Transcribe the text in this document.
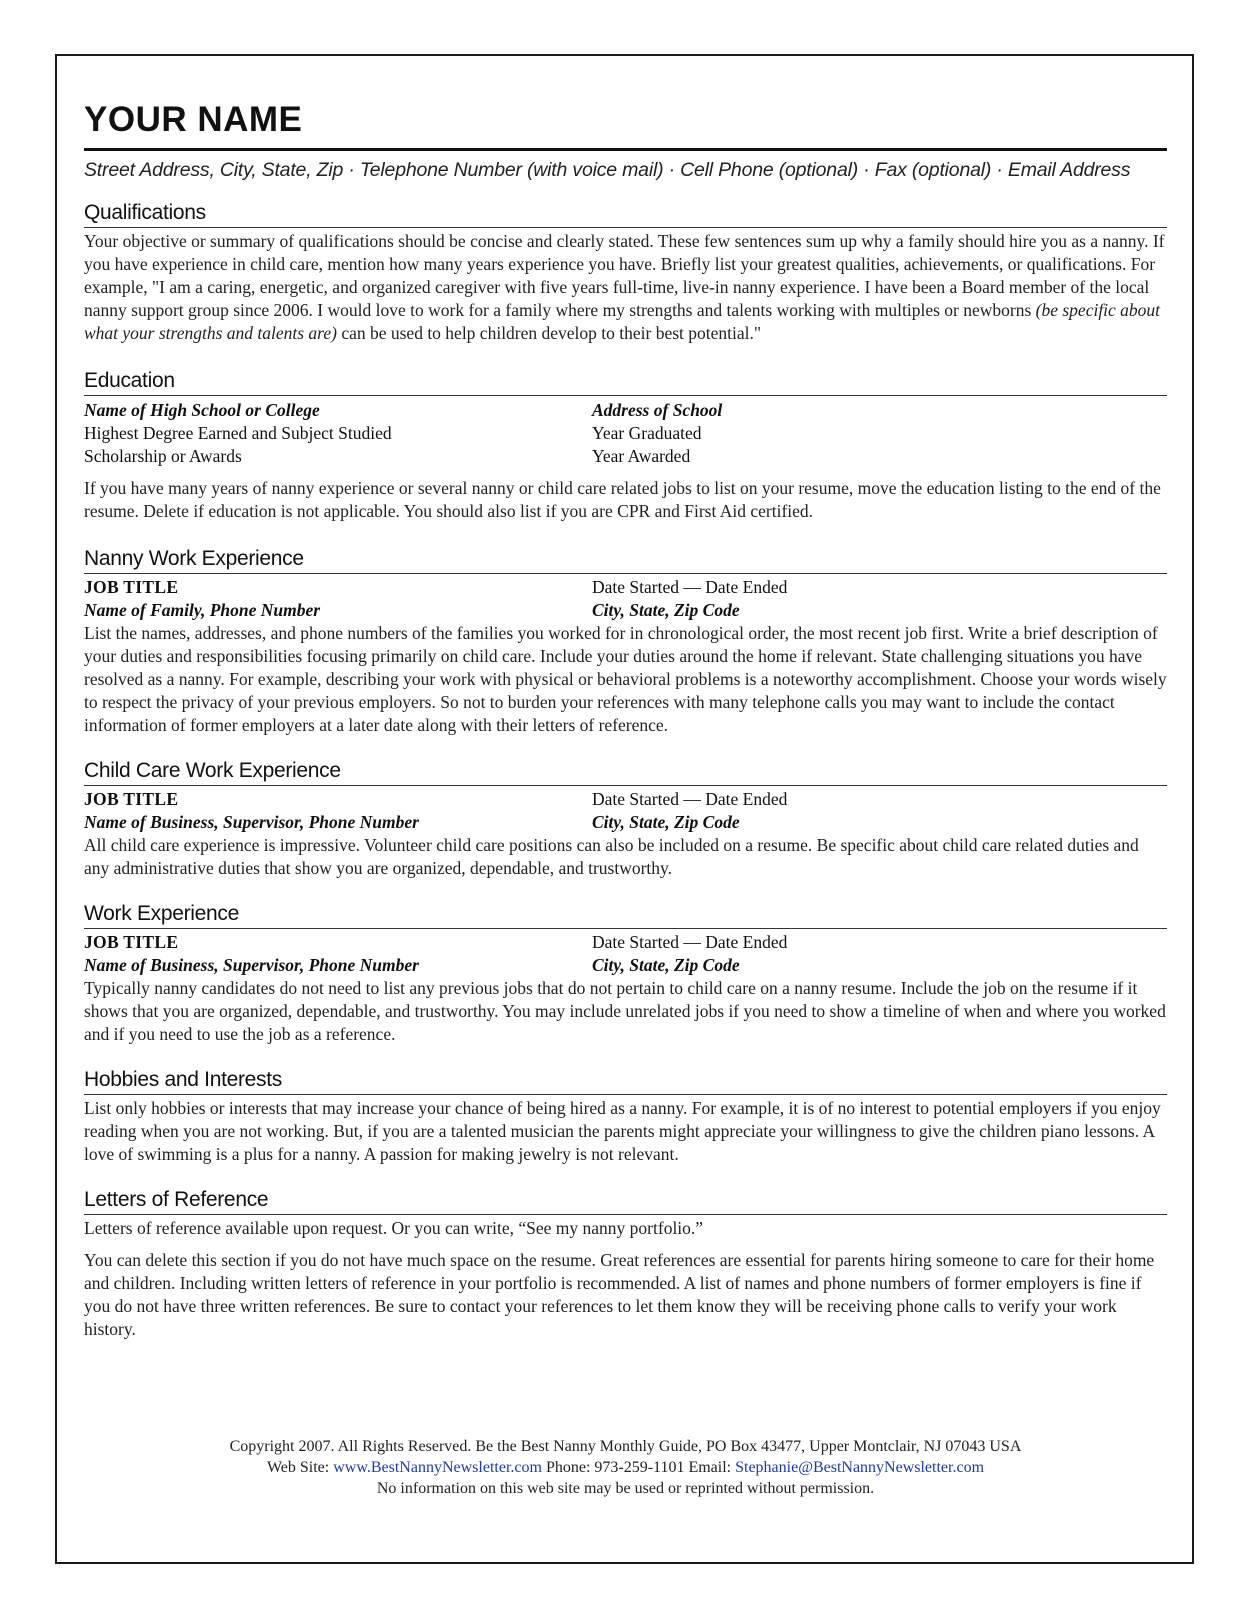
YOUR NAME
Street Address, City, State, Zip · Telephone Number (with voice mail) · Cell Phone (optional) · Fax (optional) · Email Address
Qualifications

Your objective or summary of qualifications should be concise and clearly stated. These few sentences sum up why a family should hire you as a nanny. If you have experience in child care, mention how many years experience you have. Briefly list your greatest qualities, achievements, or qualifications. For example, "I am a caring, energetic, and organized caregiver with five years full-time, live-in nanny experience. I have been a Board member of the local nanny support group since 2006. I would love to work for a family where my strengths and talents working with multiples or newborns (be specific about what your strengths and talents are) can be used to help children develop to their best potential."

Education
Name of High School or College	Address of School
Highest Degree Earned and Subject Studied	Year Graduated
Scholarship or Awards	Year Awarded

If you have many years of nanny experience or several nanny or child care related jobs to list on your resume, move the education listing to the end of the resume. Delete if education is not applicable. You should also list if you are CPR and First Aid certified.

Nanny Work Experience
JOB TITLE	Date Started — Date Ended
Name of Family, Phone Number	City, State, Zip Code

List the names, addresses, and phone numbers of the families you worked for in chronological order, the most recent job first. Write a brief description of your duties and responsibilities focusing primarily on child care. Include your duties around the home if relevant. State challenging situations you have resolved as a nanny. For example, describing your work with physical or behavioral problems is a noteworthy accomplishment. Choose your words wisely to respect the privacy of your previous employers. So not to burden your references with many telephone calls you may want to include the contact information of former employers at a later date along with their letters of reference.

Child Care Work Experience
JOB TITLE	Date Started — Date Ended
Name of Business, Supervisor, Phone Number	City, State, Zip Code

All child care experience is impressive. Volunteer child care positions can also be included on a resume. Be specific about child care related duties and any administrative duties that show you are organized, dependable, and trustworthy.

Work Experience
JOB TITLE	Date Started — Date Ended
Name of Business, Supervisor, Phone Number	City, State, Zip Code

Typically nanny candidates do not need to list any previous jobs that do not pertain to child care on a nanny resume. Include the job on the resume if it shows that you are organized, dependable, and trustworthy. You may include unrelated jobs if you need to show a timeline of when and where you worked and if you need to use the job as a reference.

Hobbies and Interests

List only hobbies or interests that may increase your chance of being hired as a nanny. For example, it is of no interest to potential employers if you enjoy reading when you are not working. But, if you are a talented musician the parents might appreciate your willingness to give the children piano lessons. A love of swimming is a plus for a nanny. A passion for making jewelry is not relevant.

Letters of Reference

Letters of reference available upon request. Or you can write, “See my nanny portfolio.”

You can delete this section if you do not have much space on the resume. Great references are essential for parents hiring someone to care for their home and children. Including written letters of reference in your portfolio is recommended. A list of names and phone numbers of former employers is fine if you do not have three written references. Be sure to contact your references to let them know they will be receiving phone calls to verify your work history.

Copyright 2007. All Rights Reserved. Be the Best Nanny Monthly Guide, PO Box 43477, Upper Montclair, NJ 07043 USA
Web Site: www.BestNannyNewsletter.com Phone: 973-259-1101 Email: Stephanie@BestNannyNewsletter.com
No information on this web site may be used or reprinted without permission.
